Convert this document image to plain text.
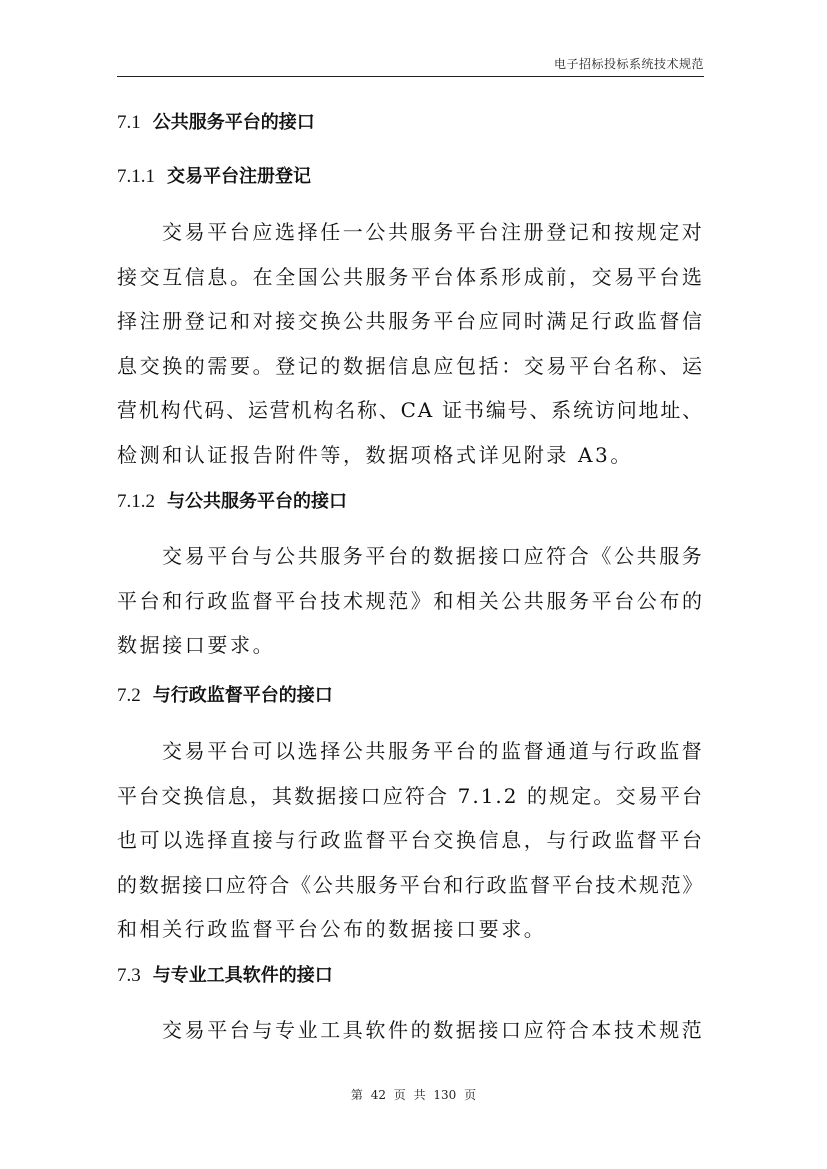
电子招标投标系统技术规范
7.1 公共服务平台的接口
7.1.1 交易平台注册登记
交易平台应选择任一公共服务平台注册登记和按规定对
接交互信息。在全国公共服务平台体系形成前，交易平台选
择注册登记和对接交换公共服务平台应同时满足行政监督信
息交换的需要。登记的数据信息应包括：交易平台名称、运
营机构代码、运营机构名称、CA 证书编号、系统访问地址、
检测和认证报告附件等，数据项格式详见附录 A3。
7.1.2 与公共服务平台的接口
交易平台与公共服务平台的数据接口应符合《公共服务
平台和行政监督平台技术规范》和相关公共服务平台公布的
数据接口要求。
7.2 与行政监督平台的接口
交易平台可以选择公共服务平台的监督通道与行政监督
平台交换信息，其数据接口应符合 7.1.2 的规定。交易平台
也可以选择直接与行政监督平台交换信息，与行政监督平台
的数据接口应符合《公共服务平台和行政监督平台技术规范》
和相关行政监督平台公布的数据接口要求。
7.3 与专业工具软件的接口
交易平台与专业工具软件的数据接口应符合本技术规范
第 42 页 共 130 页
